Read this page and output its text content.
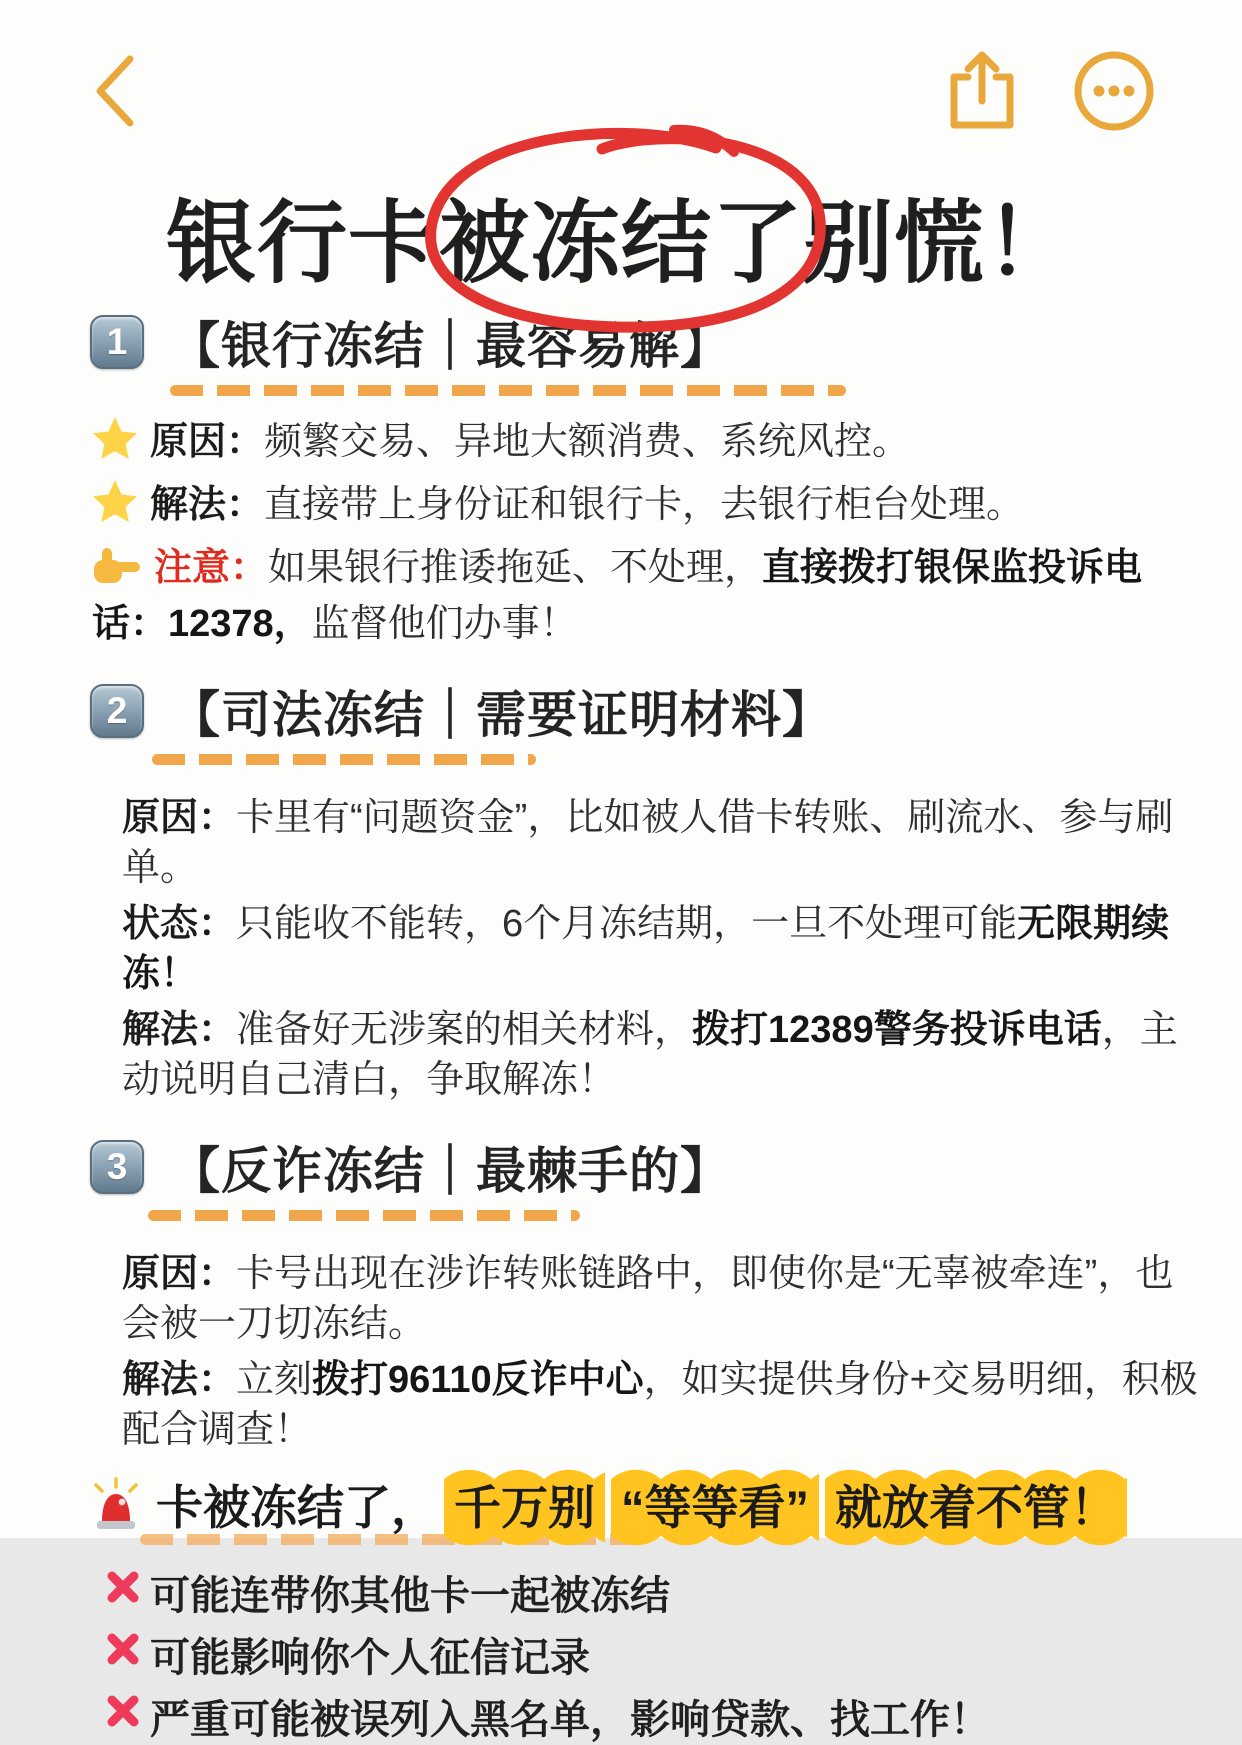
银行卡被冻结了别慌！
1 【银行冻结｜最容易解】

原因：频繁交易、异地大额消费、系统风控。

解法：直接带上身份证和银行卡，去银行柜台处理。

注意：如果银行推诿拖延、不处理，直接拨打银保监投诉电话：12378，监督他们办事！

2 【司法冻结｜需要证明材料】

原因：卡里有“问题资金”，比如被人借卡转账、刷流水、参与刷单。

状态：只能收不能转，6个月冻结期，一旦不处理可能无限期续冻！

解法：准备好无涉案的相关材料，拨打12389警务投诉电话，主动说明自己清白，争取解冻！

3 【反诈冻结｜最棘手的】

原因：卡号出现在涉诈转账链路中，即使你是“无辜被牵连”，也会被一刀切冻结。

解法：立刻拨打96110反诈中心，如实提供身份+交易明细，积极配合调查！

卡被冻结了， 千万别 “等等看” 就放着不管！
可能连带你其他卡一起被冻结
可能影响你个人征信记录
严重可能被误列入黑名单，影响贷款、找工作！
